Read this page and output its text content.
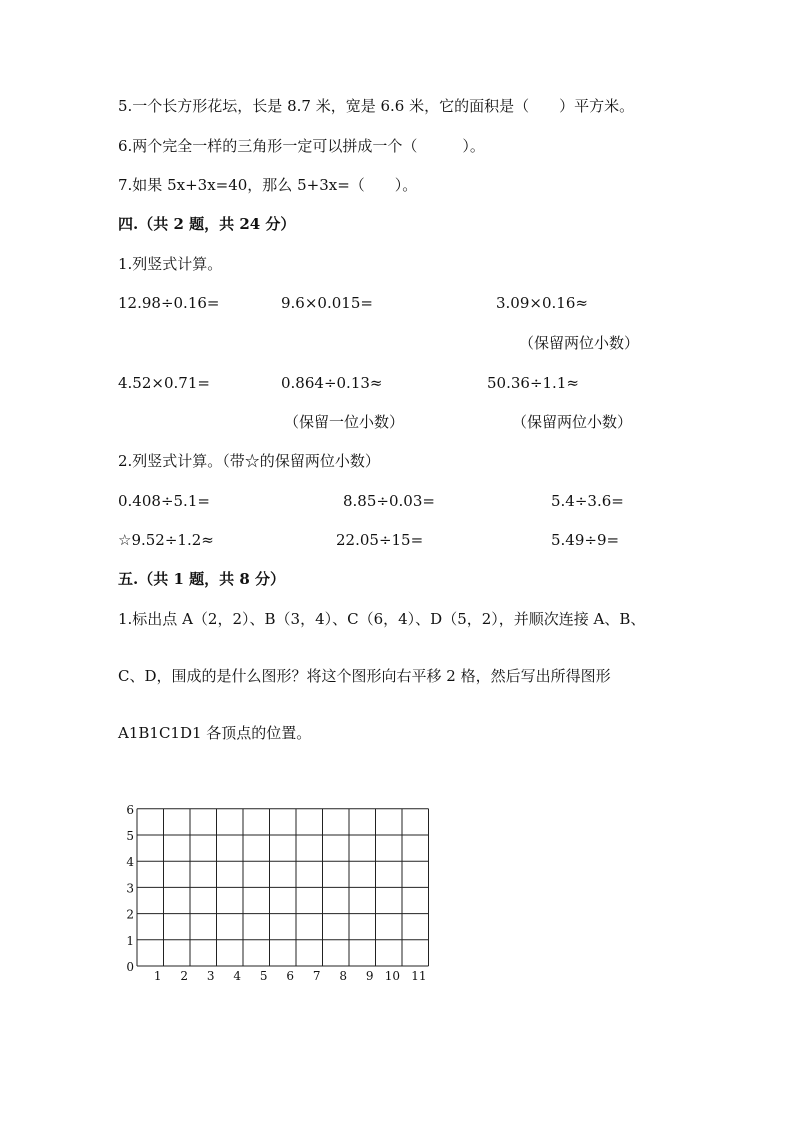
5.一个长方形花坛，长是 8.7 米，宽是 6.6 米，它的面积是（　　）平方米。
6.两个完全一样的三角形一定可以拼成一个（　　　）。
7.如果 5x+3x=40，那么 5+3x=（　　）。
四.（共 2 题，共 24 分）
1.列竖式计算。
12.98÷0.16=	9.6×0.015=	3.09×0.16≈
（保留两位小数）
4.52×0.71=	0.864÷0.13≈	50.36÷1.1≈
（保留一位小数）	（保留两位小数）
2.列竖式计算。（带☆的保留两位小数）
0.408÷5.1=	8.85÷0.03=	5.4÷3.6=
☆9.52÷1.2≈	22.05÷15=	5.49÷9=
五.（共 1 题，共 8 分）
1.标出点 A（2，2）、B（3，4）、C（6，4）、D（5，2），并顺次连接 A、B、
C、D，围成的是什么图形？将这个图形向右平移 2 格，然后写出所得图形
A1B1C1D1 各顶点的位置。
1 2 3 4 5 6 7 8 9 10 11
0
1
2
3
4
5
6
